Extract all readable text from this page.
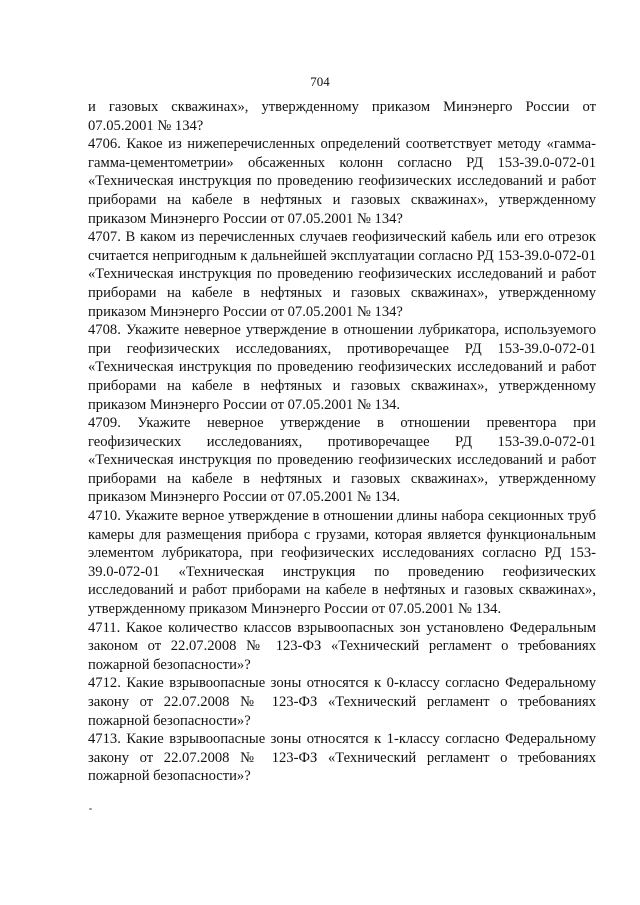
704

и газовых скважинах», утвержденному приказом Минэнерго России от 07.05.2001 № 134?

4706. Какое из нижеперечисленных определений соответствует методу «гамма-гамма-цементометрии» обсаженных колонн согласно РД 153-39.0-072-01 «Техническая инструкция по проведению геофизических исследований и работ приборами на кабеле в нефтяных и газовых скважинах», утвержденному приказом Минэнерго России от 07.05.2001 № 134?

4707. В каком из перечисленных случаев геофизический кабель или его отрезок считается непригодным к дальнейшей эксплуатации согласно РД 153-39.0-072-01 «Техническая инструкция по проведению геофизических исследований и работ приборами на кабеле в нефтяных и газовых скважинах», утвержденному приказом Минэнерго России от 07.05.2001 № 134?

4708. Укажите неверное утверждение в отношении лубрикатора, используемого при геофизических исследованиях, противоречащее РД 153-39.0-072-01 «Техническая инструкция по проведению геофизических исследований и работ приборами на кабеле в нефтяных и газовых скважинах», утвержденному приказом Минэнерго России от 07.05.2001 № 134.

4709. Укажите неверное утверждение в отношении превентора при геофизических исследованиях, противоречащее РД 153-39.0-072-01 «Техническая инструкция по проведению геофизических исследований и работ приборами на кабеле в нефтяных и газовых скважинах», утвержденному приказом Минэнерго России от 07.05.2001 № 134.

4710. Укажите верное утверждение в отношении длины набора секционных труб камеры для размещения прибора с грузами, которая является функциональным элементом лубрикатора, при геофизических исследованиях согласно РД 153-39.0-072-01 «Техническая инструкция по проведению геофизических исследований и работ приборами на кабеле в нефтяных и газовых скважинах», утвержденному приказом Минэнерго России от 07.05.2001 № 134.

4711. Какое количество классов взрывоопасных зон установлено Федеральным законом от 22.07.2008 № 123-ФЗ «Технический регламент о требованиях пожарной безопасности»?

4712. Какие взрывоопасные зоны относятся к 0-классу согласно Федеральному закону от 22.07.2008 № 123-ФЗ «Технический регламент о требованиях пожарной безопасности»?

4713. Какие взрывоопасные зоны относятся к 1-классу согласно Федеральному закону от 22.07.2008 № 123-ФЗ «Технический регламент о требованиях пожарной безопасности»?
